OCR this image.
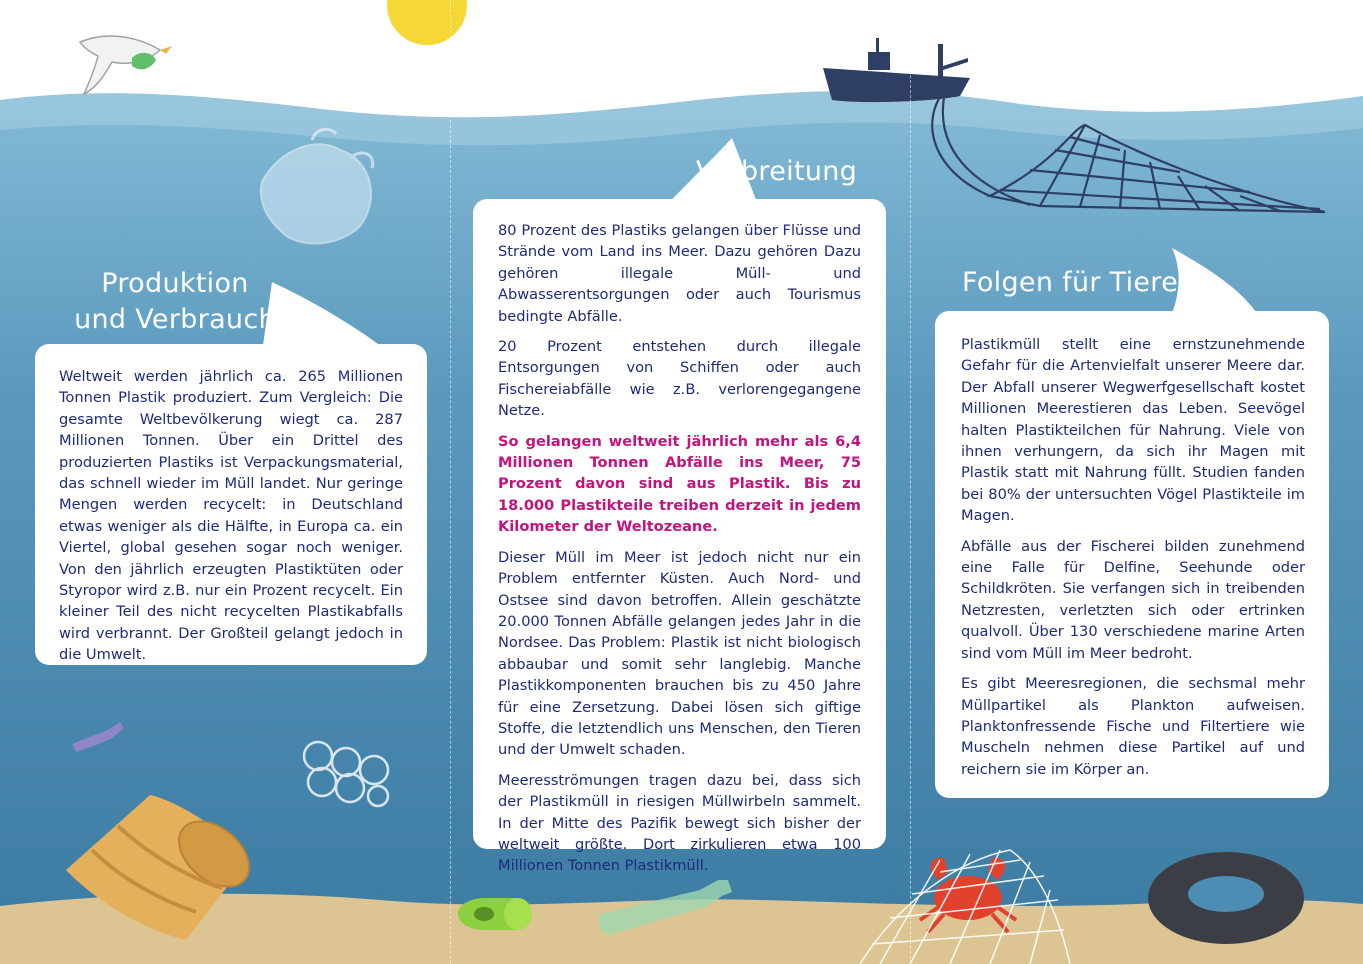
Produktion
und Verbrauch

Weltweit werden jährlich ca. 265 Millionen Tonnen Plastik produziert. Zum Vergleich: Die gesamte Weltbevölkerung wiegt ca. 287 Millionen Tonnen. Über ein Drittel des produzierten Plastiks ist Verpackungsmaterial, das schnell wieder im Müll landet. Nur geringe Mengen werden recycelt: in Deutschland etwas weniger als die Hälfte, in Europa ca. ein Viertel, global gesehen sogar noch weniger. Von den jährlich erzeugten Plastiktüten oder Styropor wird z.B. nur ein Prozent recycelt. Ein kleiner Teil des nicht recycelten Plastikabfalls wird verbrannt. Der Großteil gelangt jedoch in die Umwelt.

Verbreitung

80 Prozent des Plastiks gelangen über Flüsse und Strände vom Land ins Meer. Dazu gehören Dazu gehören illegale Müll- und Abwasserentsorgungen oder auch Tourismus bedingte Abfälle.

20 Prozent entstehen durch illegale Entsorgungen von Schiffen oder auch Fischereiabfälle wie z.B. verlorengegangene Netze.

So gelangen weltweit jährlich mehr als 6,4 Millionen Tonnen Abfälle ins Meer, 75 Prozent davon sind aus Plastik. Bis zu 18.000 Plastikteile treiben derzeit in jedem Kilometer der Weltozeane.

Dieser Müll im Meer ist jedoch nicht nur ein Problem entfernter Küsten. Auch Nord- und Ostsee sind davon betroffen. Allein geschätzte 20.000 Tonnen Abfälle gelangen jedes Jahr in die Nordsee. Das Problem: Plastik ist nicht biologisch abbaubar und somit sehr langlebig. Manche Plastikkomponenten brauchen bis zu 450 Jahre für eine Zersetzung. Dabei lösen sich giftige Stoffe, die letztendlich uns Menschen, den Tieren und der Umwelt schaden.

Meeresströmungen tragen dazu bei, dass sich der Plastikmüll in riesigen Müllwirbeln sammelt. In der Mitte des Pazifik bewegt sich bisher der weltweit größte. Dort zirkulieren etwa 100 Millionen Tonnen Plastikmüll.

Folgen für Tiere

Plastikmüll stellt eine ernstzunehmende Gefahr für die Artenvielfalt unserer Meere dar. Der Abfall unserer Wegwerfgesellschaft kostet Millionen Meerestieren das Leben. Seevögel halten Plastikteilchen für Nahrung. Viele von ihnen verhungern, da sich ihr Magen mit Plastik statt mit Nahrung füllt. Studien fanden bei 80% der untersuchten Vögel Plastikteile im Magen.

Abfälle aus der Fischerei bilden zunehmend eine Falle für Delfine, Seehunde oder Schildkröten. Sie verfangen sich in treibenden Netzresten, verletzten sich oder ertrinken qualvoll. Über 130 verschiedene marine Arten sind vom Müll im Meer bedroht.

Es gibt Meeresregionen, die sechsmal mehr Müllpartikel als Plankton aufweisen. Planktonfressende Fische und Filtertiere wie Muscheln nehmen diese Partikel auf und reichern sie im Körper an.
